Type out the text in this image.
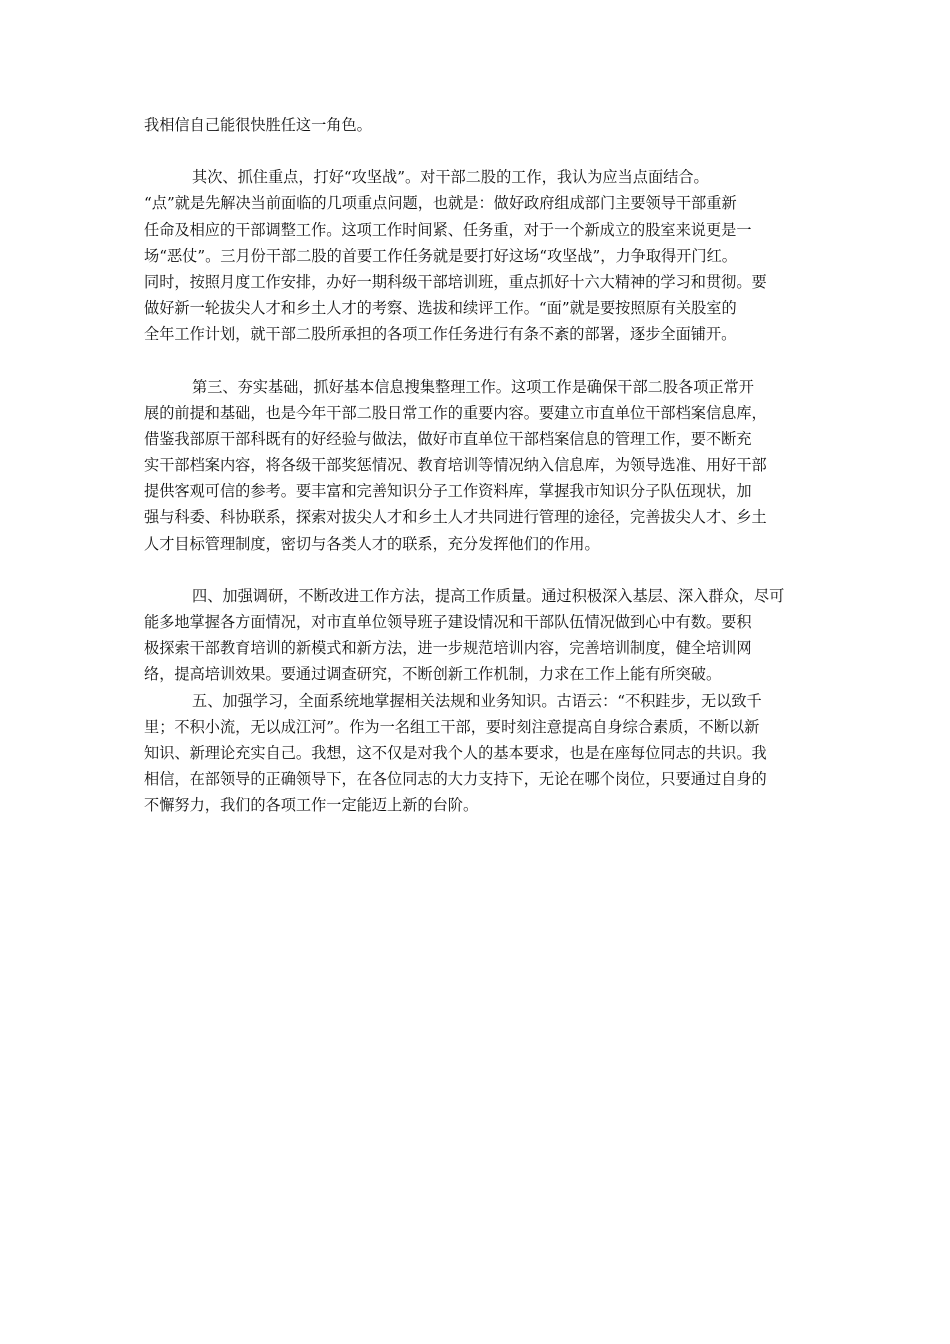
我相信自己能很快胜任这一角色。
其次、抓住重点，打好“攻坚战”。对干部二股的工作，我认为应当点面结合。
“点”就是先解决当前面临的几项重点问题，也就是：做好政府组成部门主要领导干部重新
任命及相应的干部调整工作。这项工作时间紧、任务重，对于一个新成立的股室来说更是一
场“恶仗”。三月份干部二股的首要工作任务就是要打好这场“攻坚战”，力争取得开门红。
同时，按照月度工作安排，办好一期科级干部培训班，重点抓好十六大精神的学习和贯彻。要
做好新一轮拔尖人才和乡土人才的考察、选拔和续评工作。“面”就是要按照原有关股室的
全年工作计划，就干部二股所承担的各项工作任务进行有条不紊的部署，逐步全面铺开。
第三、夯实基础，抓好基本信息搜集整理工作。这项工作是确保干部二股各项正常开
展的前提和基础，也是今年干部二股日常工作的重要内容。要建立市直单位干部档案信息库，
借鉴我部原干部科既有的好经验与做法，做好市直单位干部档案信息的管理工作，要不断充
实干部档案内容，将各级干部奖惩情况、教育培训等情况纳入信息库，为领导选准、用好干部
提供客观可信的参考。要丰富和完善知识分子工作资料库，掌握我市知识分子队伍现状，加
强与科委、科协联系，探索对拔尖人才和乡土人才共同进行管理的途径，完善拔尖人才、乡土
人才目标管理制度，密切与各类人才的联系，充分发挥他们的作用。
四、加强调研，不断改进工作方法，提高工作质量。通过积极深入基层、深入群众，尽可
能多地掌握各方面情况，对市直单位领导班子建设情况和干部队伍情况做到心中有数。要积
极探索干部教育培训的新模式和新方法，进一步规范培训内容，完善培训制度，健全培训网
络，提高培训效果。要通过调查研究，不断创新工作机制，力求在工作上能有所突破。
五、加强学习，全面系统地掌握相关法规和业务知识。古语云：“不积跬步，无以致千
里；不积小流，无以成江河”。作为一名组工干部，要时刻注意提高自身综合素质，不断以新
知识、新理论充实自己。我想，这不仅是对我个人的基本要求，也是在座每位同志的共识。我
相信，在部领导的正确领导下，在各位同志的大力支持下，无论在哪个岗位，只要通过自身的
不懈努力，我们的各项工作一定能迈上新的台阶。
